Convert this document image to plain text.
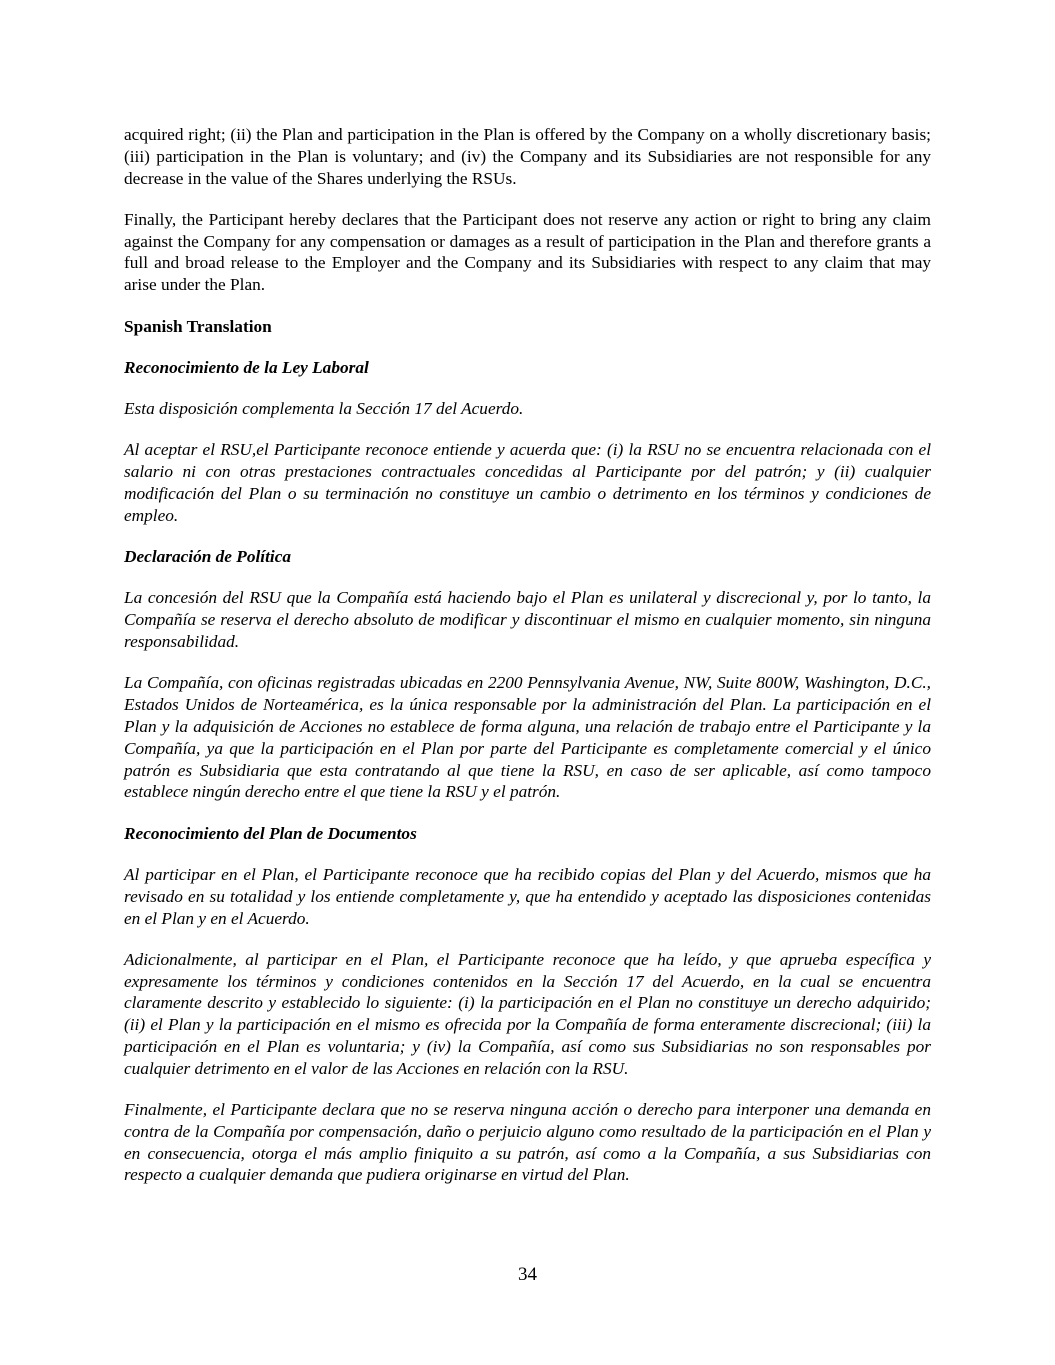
acquired right; (ii) the Plan and participation in the Plan is offered by the Company on a wholly discretionary basis; (iii) participation in the Plan is voluntary; and (iv) the Company and its Subsidiaries are not responsible for any decrease in the value of the Shares underlying the RSUs.

Finally, the Participant hereby declares that the Participant does not reserve any action or right to bring any claim against the Company for any compensation or damages as a result of participation in the Plan and therefore grants a full and broad release to the Employer and the Company and its Subsidiaries with respect to any claim that may arise under the Plan.

Spanish Translation
Reconocimiento de la Ley Laboral

Esta disposición complementa la Sección 17 del Acuerdo.

Al aceptar el RSU,el Participante reconoce entiende y acuerda que: (i) la RSU no se encuentra relacionada con el salario ni con otras prestaciones contractuales concedidas al Participante por del patrón; y (ii) cualquier modificación del Plan o su terminación no constituye un cambio o detrimento en los términos y condiciones de empleo.

Declaración de Política

La concesión del RSU que la Compañía está haciendo bajo el Plan es unilateral y discrecional y, por lo tanto, la Compañía se reserva el derecho absoluto de modificar y discontinuar el mismo en cualquier momento, sin ninguna responsabilidad.

La Compañía, con oficinas registradas ubicadas en 2200 Pennsylvania Avenue, NW, Suite 800W, Washington, D.C., Estados Unidos de Norteamérica, es la única responsable por la administración del Plan. La participación en el Plan y la adquisición de Acciones no establece de forma alguna, una relación de trabajo entre el Participante y la Compañía, ya que la participación en el Plan por parte del Participante es completamente comercial y el único patrón es Subsidiaria que esta contratando al que tiene la RSU, en caso de ser aplicable, así como tampoco establece ningún derecho entre el que tiene la RSU y el patrón.

Reconocimiento del Plan de Documentos

Al participar en el Plan, el Participante reconoce que ha recibido copias del Plan y del Acuerdo, mismos que ha revisado en su totalidad y los entiende completamente y, que ha entendido y aceptado las disposiciones contenidas en el Plan y en el Acuerdo.

Adicionalmente, al participar en el Plan, el Participante reconoce que ha leído, y que aprueba específica y expresamente los términos y condiciones contenidos en la Sección 17 del Acuerdo, en la cual se encuentra claramente descrito y establecido lo siguiente: (i) la participación en el Plan no constituye un derecho adquirido; (ii) el Plan y la participación en el mismo es ofrecida por la Compañía de forma enteramente discrecional; (iii) la participación en el Plan es voluntaria; y (iv) la Compañía, así como sus Subsidiarias no son responsables por cualquier detrimento en el valor de las Acciones en relación con la RSU.

Finalmente, el Participante declara que no se reserva ninguna acción o derecho para interponer una demanda en contra de la Compañía por compensación, daño o perjuicio alguno como resultado de la participación en el Plan y en consecuencia, otorga el más amplio finiquito a su patrón, así como a la Compañía, a sus Subsidiarias con respecto a cualquier demanda que pudiera originarse en virtud del Plan.

34
